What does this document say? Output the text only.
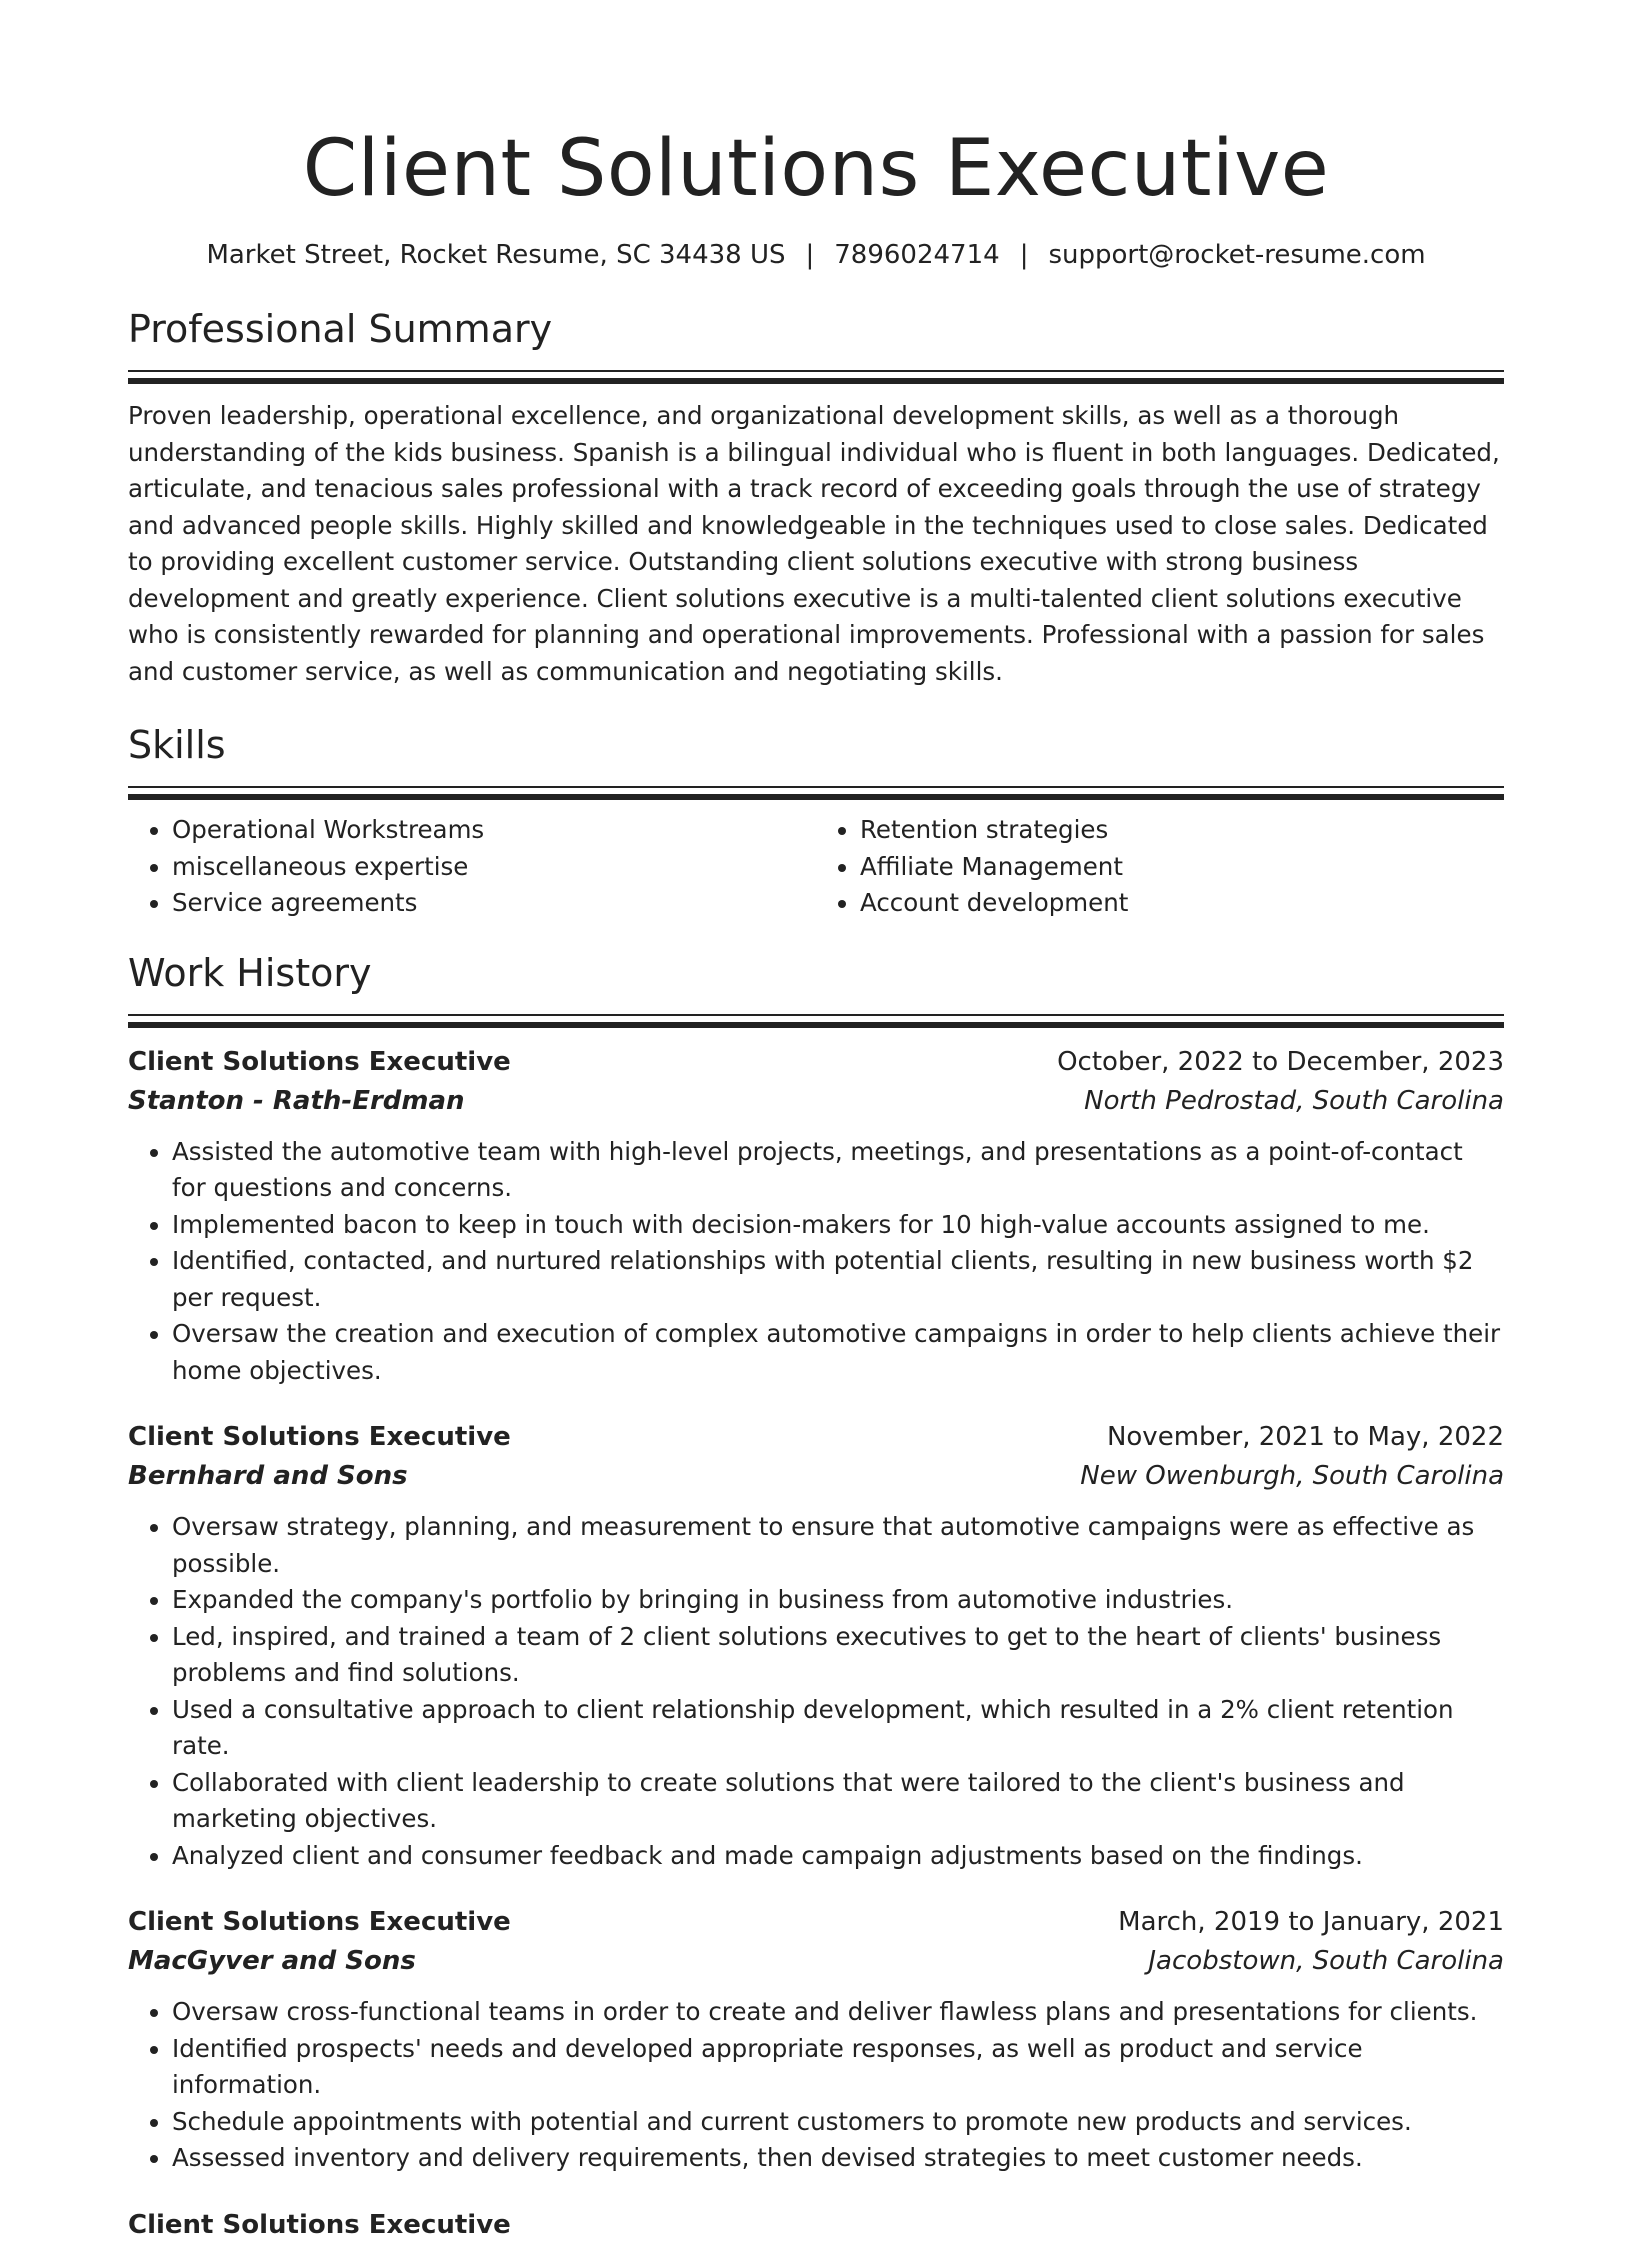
Client Solutions Executive
Market Street, Rocket Resume, SC 34438 US | 7896024714 | support@rocket-resume.com
Professional Summary

Proven leadership, operational excellence, and organizational development skills, as well as a thorough understanding of the kids business. Spanish is a bilingual individual who is fluent in both languages. Dedicated, articulate, and tenacious sales professional with a track record of exceeding goals through the use of strategy and advanced people skills. Highly skilled and knowledgeable in the techniques used to close sales. Dedicated to providing excellent customer service. Outstanding client solutions executive with strong business development and greatly experience. Client solutions executive is a multi-talented client solutions executive who is consistently rewarded for planning and operational improvements. Professional with a passion for sales and customer service, as well as communication and negotiating skills.

Skills
• Operational Workstreams
• miscellaneous expertise
• Service agreements
• Retention strategies
• Affiliate Management
• Account development
Work History
Client Solutions Executive	October, 2022 to December, 2023
Stanton - Rath-Erdman	North Pedrostad, South Carolina
• Assisted the automotive team with high-level projects, meetings, and presentations as a point-of-contact for questions and concerns.
• Implemented bacon to keep in touch with decision-makers for 10 high-value accounts assigned to me.
• Identified, contacted, and nurtured relationships with potential clients, resulting in new business worth $2 per request.
• Oversaw the creation and execution of complex automotive campaigns in order to help clients achieve their home objectives.
Client Solutions Executive	November, 2021 to May, 2022
Bernhard and Sons	New Owenburgh, South Carolina
• Oversaw strategy, planning, and measurement to ensure that automotive campaigns were as effective as possible.
• Expanded the company's portfolio by bringing in business from automotive industries.
• Led, inspired, and trained a team of 2 client solutions executives to get to the heart of clients' business problems and find solutions.
• Used a consultative approach to client relationship development, which resulted in a 2% client retention rate.
• Collaborated with client leadership to create solutions that were tailored to the client's business and marketing objectives.
• Analyzed client and consumer feedback and made campaign adjustments based on the findings.
Client Solutions Executive	March, 2019 to January, 2021
MacGyver and Sons	Jacobstown, South Carolina
• Oversaw cross-functional teams in order to create and deliver flawless plans and presentations for clients.
• Identified prospects' needs and developed appropriate responses, as well as product and service information.
• Schedule appointments with potential and current customers to promote new products and services.
• Assessed inventory and delivery requirements, then devised strategies to meet customer needs.
Client Solutions Executive
